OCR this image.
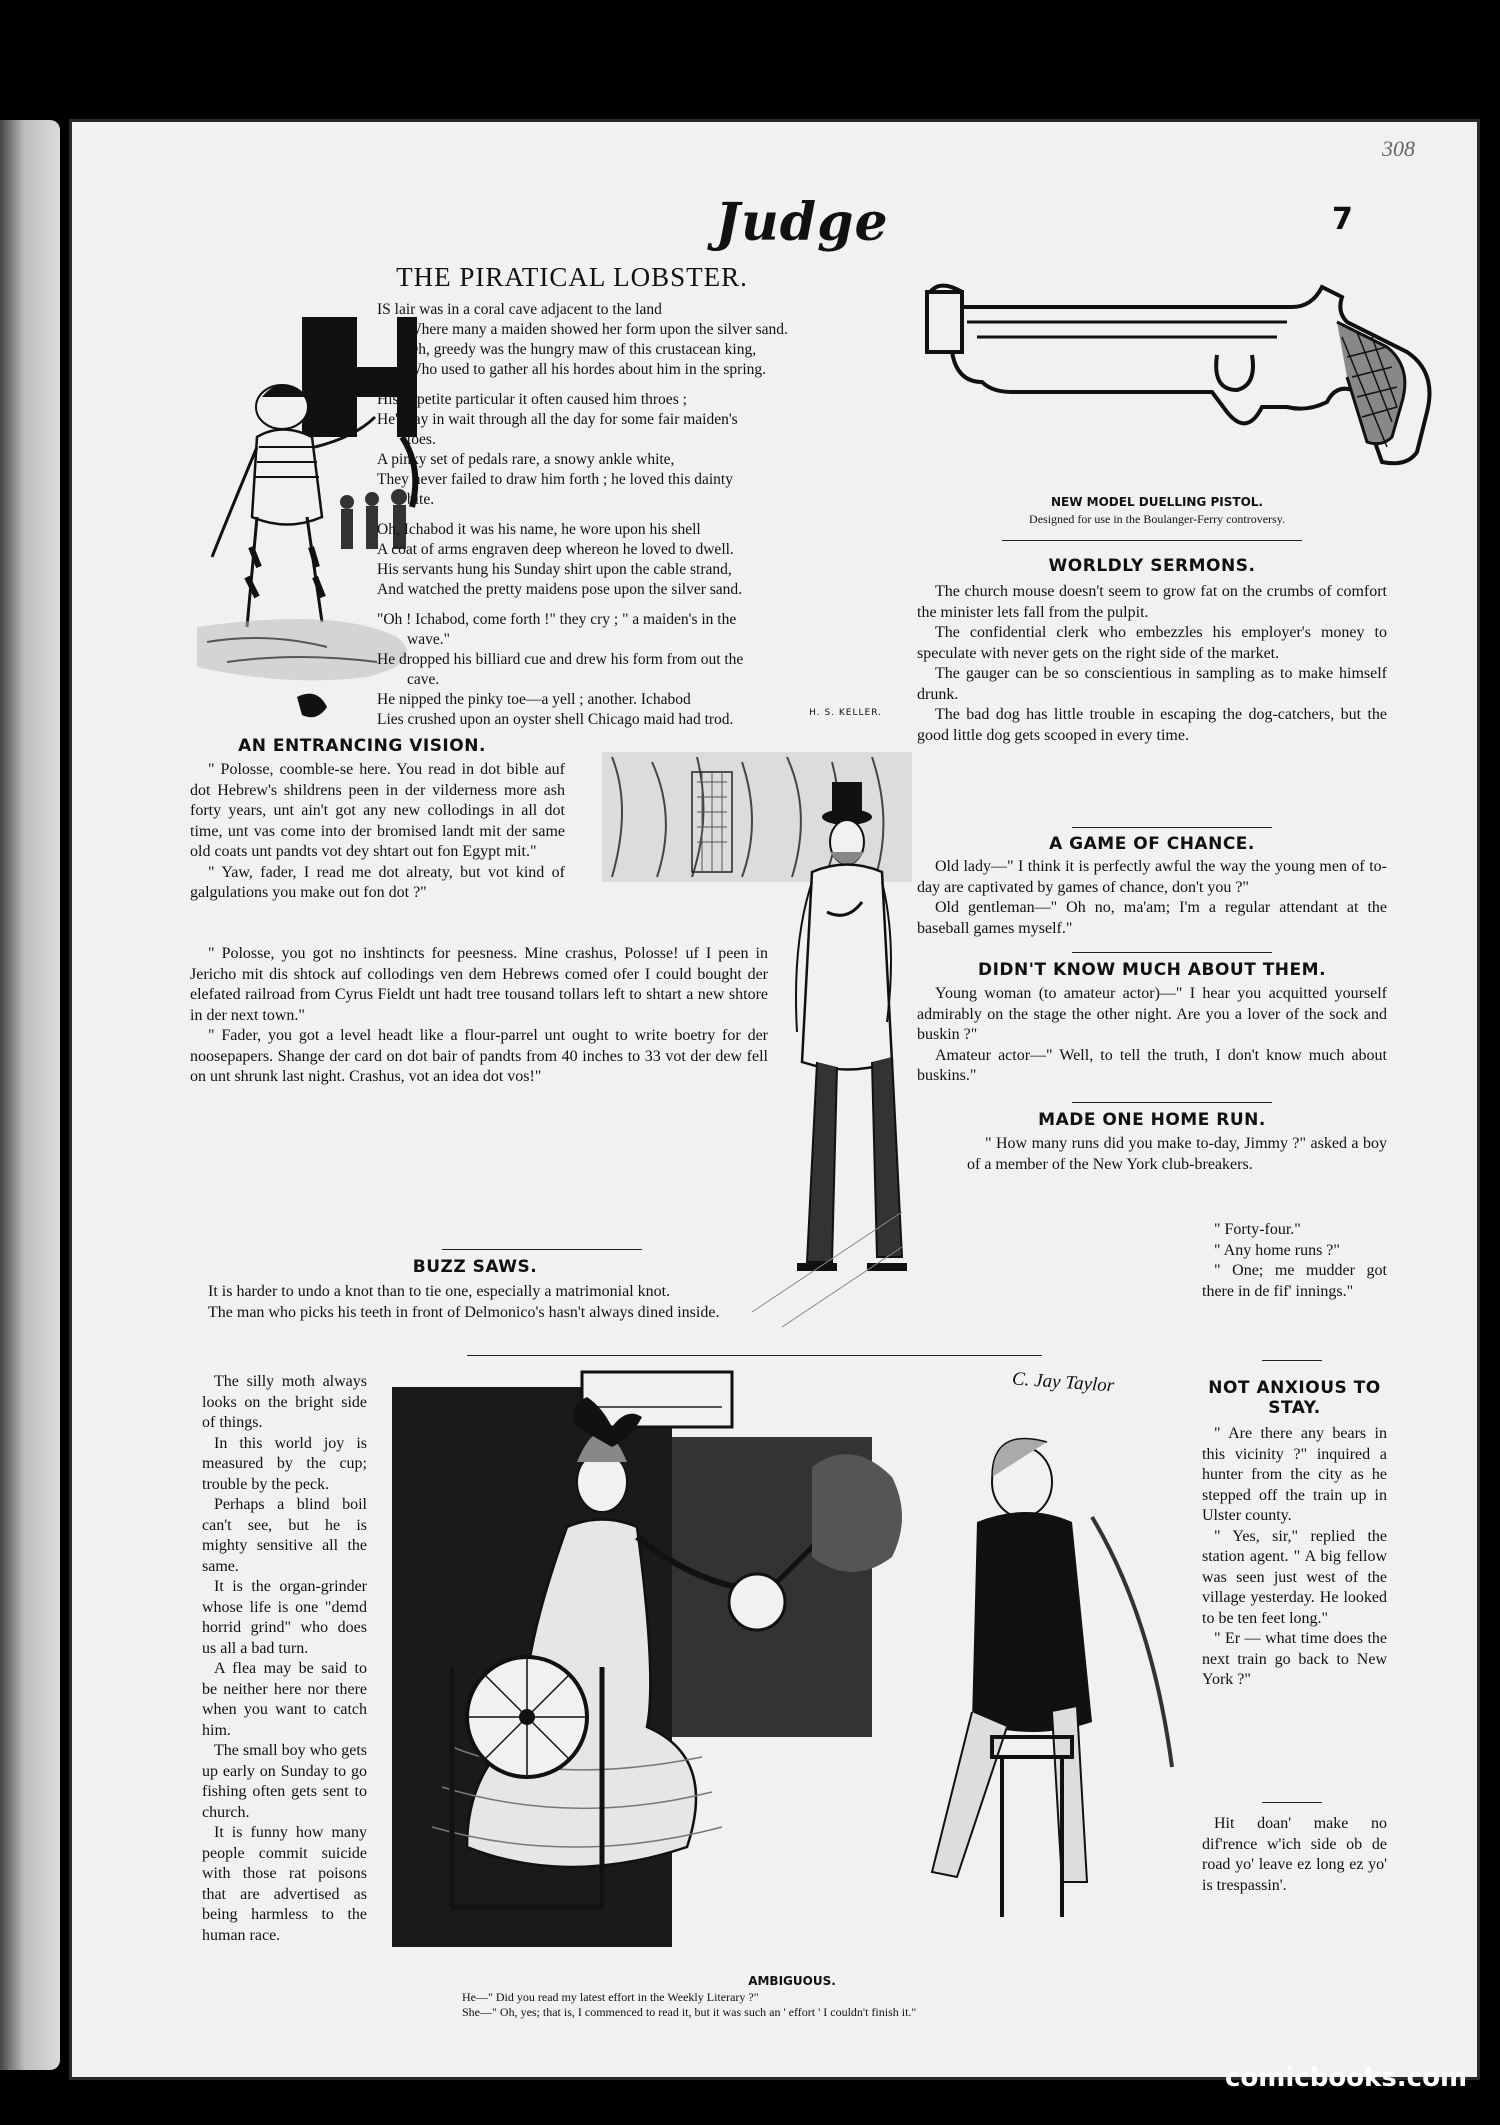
308
Judge	7
THE PIRATICAL LOBSTER.
IS lair was in a coral cave adjacent to the land
Where many a maiden showed her form upon the silver sand.
Oh, greedy was the hungry maw of this crustacean king,
Who used to gather all his hordes about him in the spring.
His appetite particular it often caused him throes ;
He'd lay in wait through all the day for some fair maiden's
toes.
A pinky set of pedals rare, a snowy ankle white,
They never failed to draw him forth ; he loved this dainty
bite.
Oh, Ichabod it was his name, he wore upon his shell
A coat of arms engraven deep whereon he loved to dwell.
His servants hung his Sunday shirt upon the cable strand,
And watched the pretty maidens pose upon the silver sand.
"Oh ! Ichabod, come forth !" they cry ; " a maiden's in the
wave."
He dropped his billiard cue and drew his form from out the
cave.
He nipped the pinky toe—a yell ; another. Ichabod
Lies crushed upon an oyster shell Chicago maid had trod.	H. S. KELLER.
NEW MODEL DUELLING PISTOL.
Designed for use in the Boulanger-Ferry controversy.
WORLDLY SERMONS.

The church mouse doesn't seem to grow fat on the crumbs of comfort the minister lets fall from the pulpit.

The confidential clerk who embezzles his employer's money to speculate with never gets on the right side of the market.

The gauger can be so conscientious in sampling as to make himself drunk.

The bad dog has little trouble in escaping the dog-catchers, but the good little dog gets scooped in every time.

A GAME OF CHANCE.

Old lady—" I think it is perfectly awful the way the young men of to-day are captivated by games of chance, don't you ?"

Old gentleman—" Oh no, ma'am; I'm a regular attendant at the baseball games myself."

DIDN'T KNOW MUCH ABOUT THEM.

Young woman (to amateur actor)—" I hear you acquitted yourself admirably on the stage the other night. Are you a lover of the sock and buskin ?"

Amateur actor—" Well, to tell the truth, I don't know much about buskins."

MADE ONE HOME RUN.

" How many runs did you make to-day, Jimmy ?" asked a boy of a member of the New York club-breakers.

" Forty-four."

" Any home runs ?"

" One; me mudder got there in de fif' innings."

NOT ANXIOUS TO STAY.

" Are there any bears in this vicinity ?" inquired a hunter from the city as he stepped off the train up in Ulster county.

" Yes, sir," replied the station agent. " A big fellow was seen just west of the village yesterday. He looked to be ten feet long."

" Er — what time does the next train go back to New York ?"

Hit doan' make no dif'rence w'ich side ob de road yo' leave ez long ez yo' is trespassin'.

AN ENTRANCING VISION.

" Polosse, coomble-se here. You read in dot bible auf dot Hebrew's shildrens peen in der vilderness more ash forty years, unt ain't got any new collodings in all dot time, unt vas come into der bromised landt mit der same old coats unt pandts vot dey shtart out fon Egypt mit."

" Yaw, fader, I read me dot alreaty, but vot kind of galgulations you make out fon dot ?"

" Polosse, you got no inshtincts for peesness. Mine crashus, Polosse! uf I peen in Jericho mit dis shtock auf collodings ven dem Hebrews comed ofer I could bought der elefated railroad from Cyrus Fieldt unt hadt tree tousand tollars left to shtart a new shtore in der next town."

" Fader, you got a level headt like a flour-parrel unt ought to write boetry for der noosepapers. Shange der card on dot bair of pandts from 40 inches to 33 vot der dew fell on unt shrunk last night. Crashus, vot an idea dot vos!"

BUZZ SAWS.

It is harder to undo a knot than to tie one, especially a matrimonial knot.

The man who picks his teeth in front of Delmonico's hasn't always dined inside.

The silly moth always looks on the bright side of things.

In this world joy is measured by the cup; trouble by the peck.

Perhaps a blind boil can't see, but he is mighty sensitive all the same.

It is the organ-grinder whose life is one "demd horrid grind" who does us all a bad turn.

A flea may be said to be neither here nor there when you want to catch him.

The small boy who gets up early on Sunday to go fishing often gets sent to church.

It is funny how many people commit suicide with those rat poisons that are advertised as being harmless to the human race.

C. Jay Taylor
AMBIGUOUS.
He—" Did you read my latest effort in the Weekly Literary ?"
She—" Oh, yes; that is, I commenced to read it, but it was such an ' effort ' I couldn't finish it."
comicbooks.com
